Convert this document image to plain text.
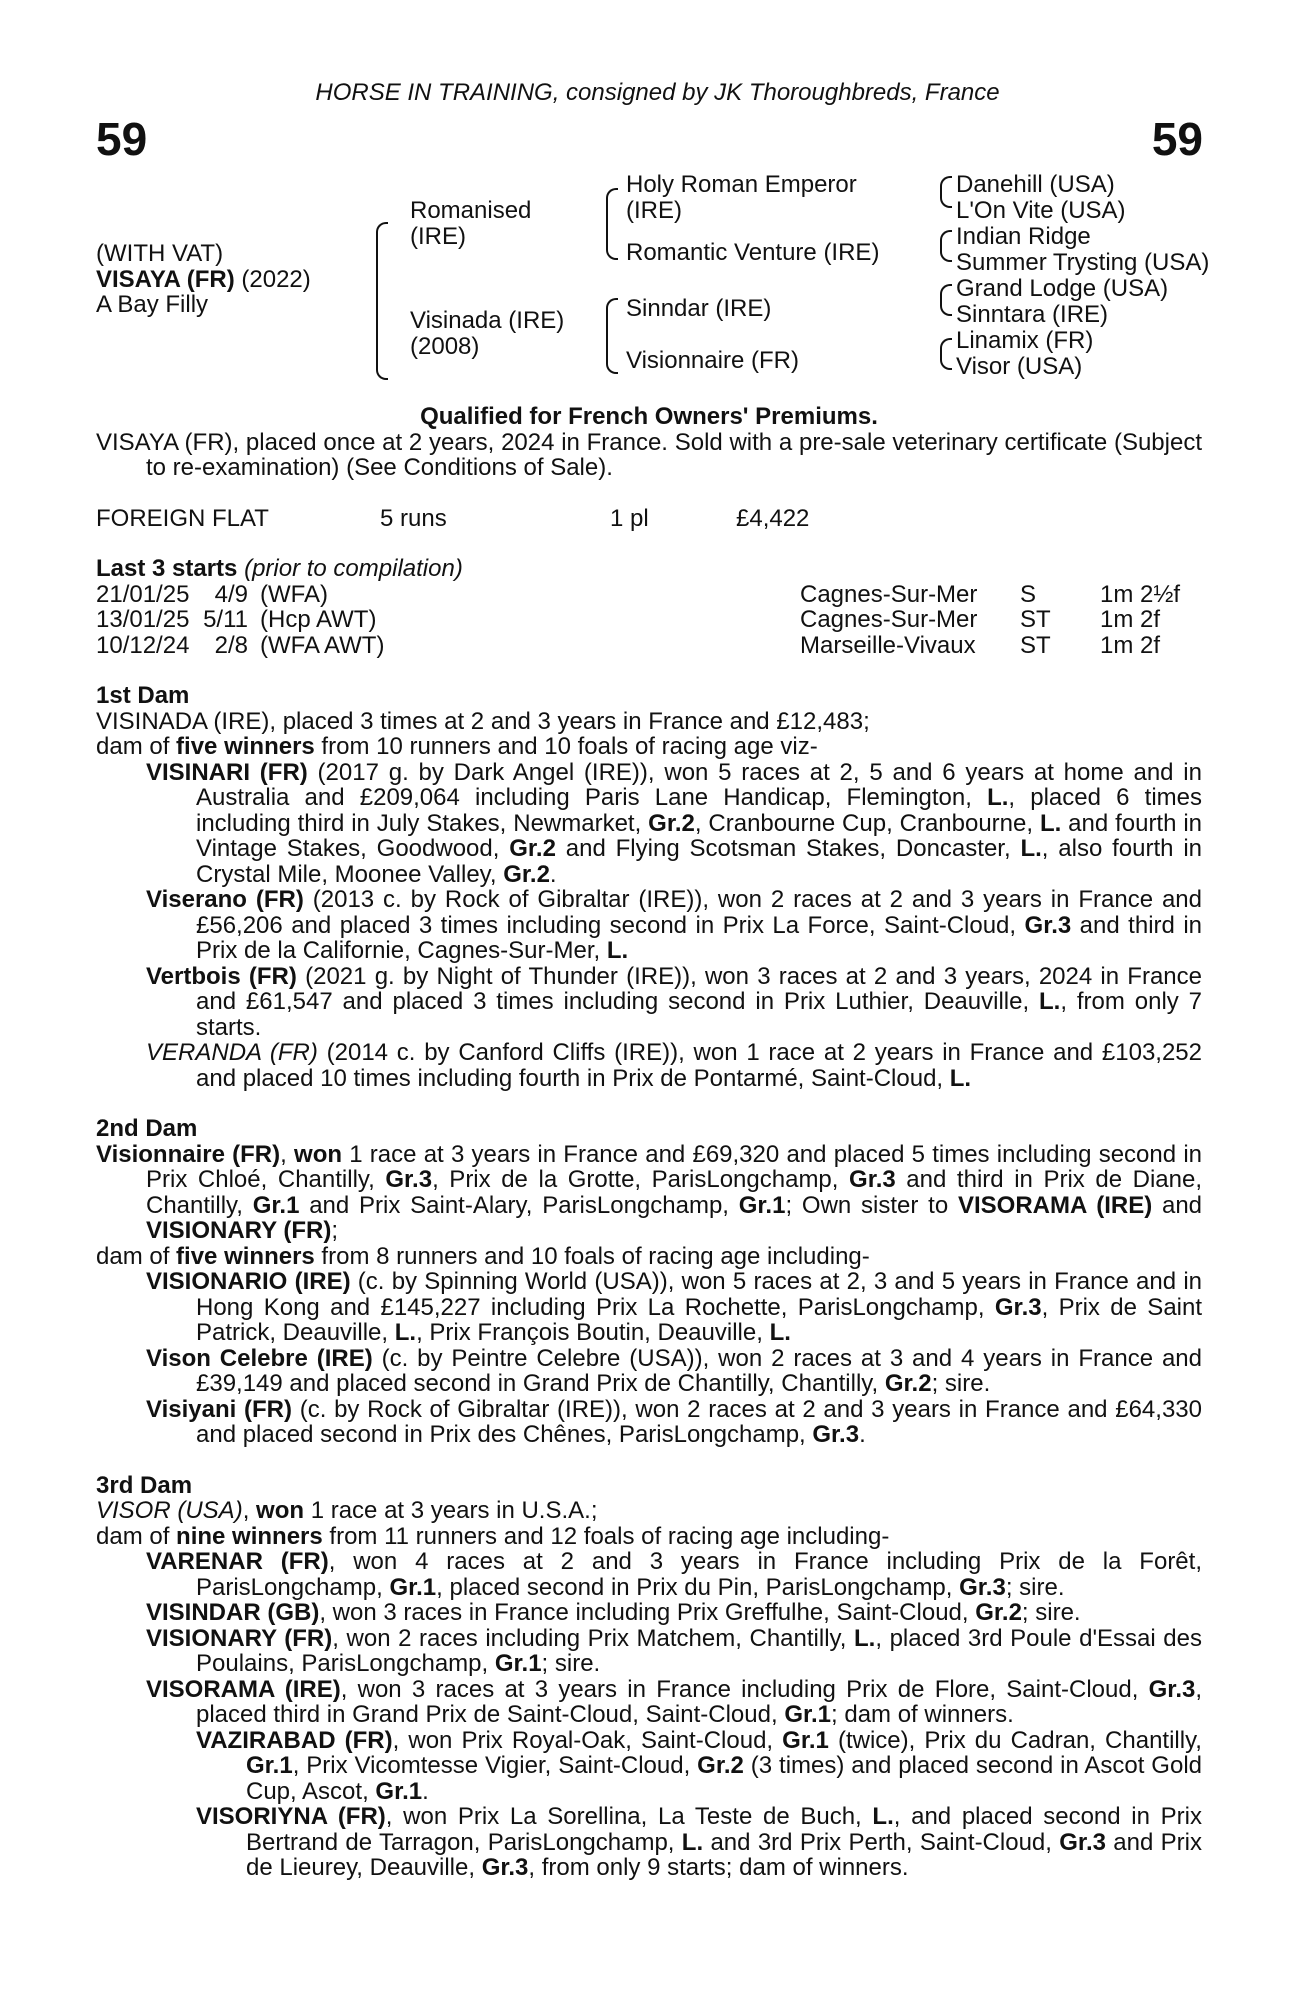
HORSE IN TRAINING, consigned by JK Thoroughbreds, France
59	59
(WITH VAT)
VISAYA (FR) (2022)
A Bay Filly
Romanised (IRE)
Visinada (IRE) (2008)
Holy Roman Emperor (IRE)
Romantic Venture (IRE)
Sinndar (IRE)
Visionnaire (FR)
Danehill (USA)
L'On Vite (USA)
Indian Ridge
Summer Trysting (USA)
Grand Lodge (USA)
Sinntara (IRE)
Linamix (FR)
Visor (USA)
Qualified for French Owners' Premiums.
VISAYA (FR), placed once at 2 years, 2024 in France. Sold with a pre-sale veterinary certificate (Subject to re-examination) (See Conditions of Sale).
FOREIGN FLAT	5 runs	1 pl	£4,422
Last 3 starts (prior to compilation)
21/01/25	4/9	(WFA)	Cagnes-Sur-Mer	S	1m 2½f
13/01/25	5/11	(Hcp AWT)	Cagnes-Sur-Mer	ST	1m 2f
10/12/24	2/8	(WFA AWT)	Marseille-Vivaux	ST	1m 2f
1st Dam
VISINADA (IRE), placed 3 times at 2 and 3 years in France and £12,483;
dam of five winners from 10 runners and 10 foals of racing age viz-
VISINARI (FR) (2017 g. by Dark Angel (IRE)), won 5 races at 2, 5 and 6 years at home and in Australia and £209,064 including Paris Lane Handicap, Flemington, L., placed 6 times including third in July Stakes, Newmarket, Gr.2, Cranbourne Cup, Cranbourne, L. and fourth in Vintage Stakes, Goodwood, Gr.2 and Flying Scotsman Stakes, Doncaster, L., also fourth in Crystal Mile, Moonee Valley, Gr.2.
Viserano (FR) (2013 c. by Rock of Gibraltar (IRE)), won 2 races at 2 and 3 years in France and £56,206 and placed 3 times including second in Prix La Force, Saint-Cloud, Gr.3 and third in Prix de la Californie, Cagnes-Sur-Mer, L.
Vertbois (FR) (2021 g. by Night of Thunder (IRE)), won 3 races at 2 and 3 years, 2024 in France and £61,547 and placed 3 times including second in Prix Luthier, Deauville, L., from only 7 starts.
VERANDA (FR) (2014 c. by Canford Cliffs (IRE)), won 1 race at 2 years in France and £103,252 and placed 10 times including fourth in Prix de Pontarmé, Saint-Cloud, L.
2nd Dam
Visionnaire (FR), won 1 race at 3 years in France and £69,320 and placed 5 times including second in Prix Chloé, Chantilly, Gr.3, Prix de la Grotte, ParisLongchamp, Gr.3 and third in Prix de Diane, Chantilly, Gr.1 and Prix Saint-Alary, ParisLongchamp, Gr.1; Own sister to VISORAMA (IRE) and VISIONARY (FR);
dam of five winners from 8 runners and 10 foals of racing age including-
VISIONARIO (IRE) (c. by Spinning World (USA)), won 5 races at 2, 3 and 5 years in France and in Hong Kong and £145,227 including Prix La Rochette, ParisLongchamp, Gr.3, Prix de Saint Patrick, Deauville, L., Prix François Boutin, Deauville, L.
Vison Celebre (IRE) (c. by Peintre Celebre (USA)), won 2 races at 3 and 4 years in France and £39,149 and placed second in Grand Prix de Chantilly, Chantilly, Gr.2; sire.
Visiyani (FR) (c. by Rock of Gibraltar (IRE)), won 2 races at 2 and 3 years in France and £64,330 and placed second in Prix des Chênes, ParisLongchamp, Gr.3.
3rd Dam
VISOR (USA), won 1 race at 3 years in U.S.A.;
dam of nine winners from 11 runners and 12 foals of racing age including-
VARENAR (FR), won 4 races at 2 and 3 years in France including Prix de la Forêt, ParisLongchamp, Gr.1, placed second in Prix du Pin, ParisLongchamp, Gr.3; sire.
VISINDAR (GB), won 3 races in France including Prix Greffulhe, Saint-Cloud, Gr.2; sire.
VISIONARY (FR), won 2 races including Prix Matchem, Chantilly, L., placed 3rd Poule d'Essai des Poulains, ParisLongchamp, Gr.1; sire.
VISORAMA (IRE), won 3 races at 3 years in France including Prix de Flore, Saint-Cloud, Gr.3, placed third in Grand Prix de Saint-Cloud, Saint-Cloud, Gr.1; dam of winners.
VAZIRABAD (FR), won Prix Royal-Oak, Saint-Cloud, Gr.1 (twice), Prix du Cadran, Chantilly, Gr.1, Prix Vicomtesse Vigier, Saint-Cloud, Gr.2 (3 times) and placed second in Ascot Gold Cup, Ascot, Gr.1.
VISORIYNA (FR), won Prix La Sorellina, La Teste de Buch, L., and placed second in Prix Bertrand de Tarragon, ParisLongchamp, L. and 3rd Prix Perth, Saint-Cloud, Gr.3 and Prix de Lieurey, Deauville, Gr.3, from only 9 starts; dam of winners.
